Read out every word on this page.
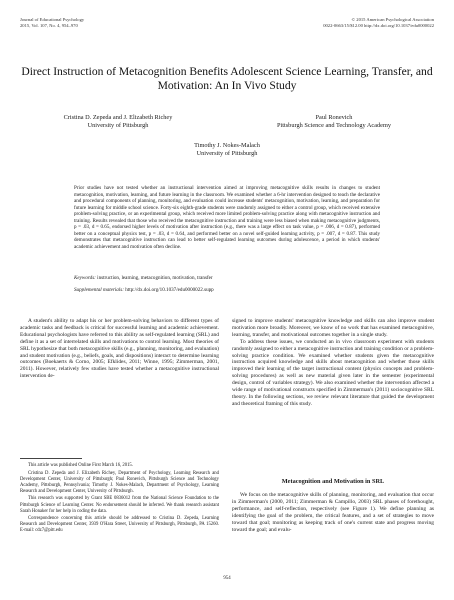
Journal of Educational Psychology
2015, Vol. 107, No. 4, 954–970
© 2015 American Psychological Association
0022-0663/15/$12.00 http://dx.doi.org/10.1037/edu0000022
Direct Instruction of Metacognition Benefits Adolescent Science Learning, Transfer, and Motivation: An In Vivo Study
Cristina D. Zepeda and J. Elizabeth Richey
University of Pittsburgh
Paul Ronevich
Pittsburgh Science and Technology Academy
Timothy J. Nokes-Malach
University of Pittsburgh

Prior studies have not tested whether an instructional intervention aimed at improving metacognitive skills results in changes to student metacognition, motivation, learning, and future learning in the classroom. We examined whether a 6-hr intervention designed to teach the declarative and procedural components of planning, monitoring, and evaluation could increase students' metacognition, motivation, learning, and preparation for future learning for middle school science. Forty-six eighth-grade students were randomly assigned to either a control group, which received extensive problem-solving practice, or an experimental group, which received more limited problem-solving practice along with metacognitive instruction and training. Results revealed that those who received the metacognitive instruction and training were less biased when making metacognitive judgments, p = .03, d = 0.65, endorsed higher levels of motivation after instruction (e.g., there was a large effect on task value, p = .006, d = 0.87), performed better on a conceptual physics test, p = .03, d = 0.64, and performed better on a novel self-guided learning activity, p = .007, d = 0.87. This study demonstrates that metacognitive instruction can lead to better self-regulated learning outcomes during adolescence, a period in which students' academic achievement and motivation often decline.

Keywords: instruction, learning, metacognition, motivation, transfer
Supplemental materials: http://dx.doi.org/10.1037/edu0000022.supp

A student's ability to adapt his or her problem-solving behaviors to different types of academic tasks and feedback is critical for successful learning and academic achievement. Educational psychologists have referred to this ability as self-regulated learning (SRL) and define it as a set of interrelated skills and motivations to control learning. Most theories of SRL hypothesize that both metacognitive skills (e.g., planning, monitoring, and evaluation) and student motivation (e.g., beliefs, goals, and dispositions) interact to determine learning outcomes (Boekaerts & Corno, 2005; Efklides, 2011; Winne, 1995; Zimmerman, 2001, 2011). However, relatively few studies have tested whether a metacognitive instructional intervention de-

signed to improve students' metacognitive knowledge and skills can also improve student motivation more broadly. Moreover, we know of no work that has examined metacognitive, learning, transfer, and motivational outcomes together in a single study.

To address these issues, we conducted an in vivo classroom experiment with students randomly assigned to either a metacognitive instruction and training condition or a problem-solving practice condition. We examined whether students given the metacognitive instruction acquired knowledge and skills about metacognition and whether those skills improved their learning of the target instructional content (physics concepts and problem-solving procedures) as well as new material given later in the semester (experimental design, control of variables strategy). We also examined whether the intervention affected a wide range of motivational constructs specified in Zimmerman's (2011) sociocognitive SRL theory. In the following sections, we review relevant literature that guided the development and theoretical framing of this study.

This article was published Online First March 16, 2015.

Cristina D. Zepeda and J. Elizabeth Richey, Department of Psychology, Learning Research and Development Center, University of Pittsburgh; Paul Ronevich, Pittsburgh Science and Technology Academy, Pittsburgh, Pennsylvania; Timothy J. Nokes-Malach, Department of Psychology, Learning Research and Development Center, University of Pittsburgh.

This research was supported by Grant SBE 0836012 from the National Science Foundation to the Pittsburgh Science of Learning Center. No endorsement should be inferred. We thank research assistant Sarah Honaker for her help in coding the data.

Correspondence concerning this article should be addressed to Cristina D. Zepeda, Learning Research and Development Center, 3939 O'Hara Street, University of Pittsburgh, Pittsburgh, PA 15260. E-mail: cdz7@pitt.edu

Metacognition and Motivation in SRL

We focus on the metacognitive skills of planning, monitoring, and evaluation that occur in Zimmerman's (2000, 2011; Zimmerman & Campillo, 2003) SRL phases of forethought, performance, and self-reflection, respectively (see Figure 1). We define planning as identifying the goal of the problem, the critical features, and a set of strategies to move toward that goal; monitoring as keeping track of one's current state and progress moving toward the goal; and evalu-

954
